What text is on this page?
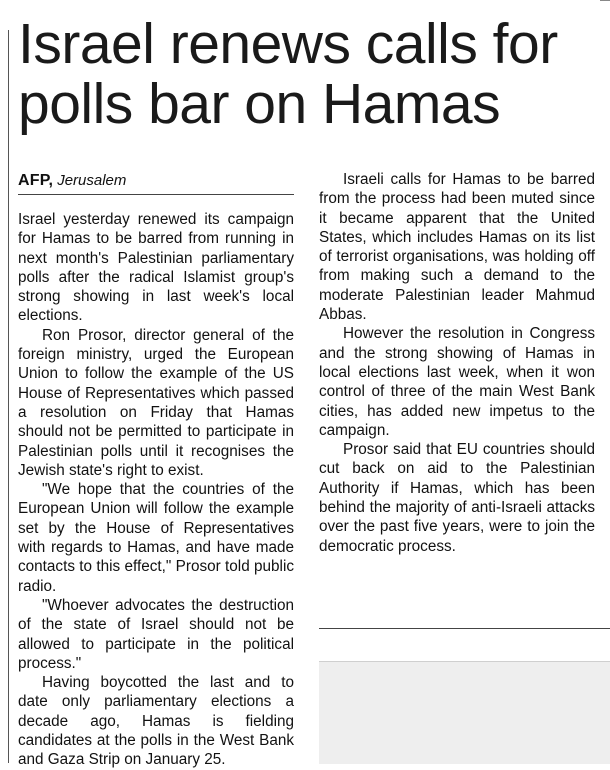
Israel renews calls for polls bar on Hamas
AFP, Jerusalem

Israel yesterday renewed its campaign for Hamas to be barred from running in next month's Palestinian parliamentary polls after the radical Islamist group's strong showing in last week's local elections.

Ron Prosor, director general of the foreign ministry, urged the European Union to follow the example of the US House of Representatives which passed a resolution on Friday that Hamas should not be permitted to participate in Palestinian polls until it recognises the Jewish state's right to exist.

"We hope that the countries of the European Union will follow the example set by the House of Representatives with regards to Hamas, and have made contacts to this effect," Prosor told public radio.

"Whoever advocates the destruction of the state of Israel should not be allowed to participate in the political process."

Having boycotted the last and to date only parliamentary elections a decade ago, Hamas is fielding candidates at the polls in the West Bank and Gaza Strip on January 25.

Israeli calls for Hamas to be barred from the process had been muted since it became apparent that the United States, which includes Hamas on its list of terrorist organisations, was holding off from making such a demand to the moderate Palestinian leader Mahmud Abbas.

However the resolution in Congress and the strong showing of Hamas in local elections last week, when it won control of three of the main West Bank cities, has added new impetus to the campaign.

Prosor said that EU countries should cut back on aid to the Palestinian Authority if Hamas, which has been behind the majority of anti-Israeli attacks over the past five years, were to join the democratic process.
